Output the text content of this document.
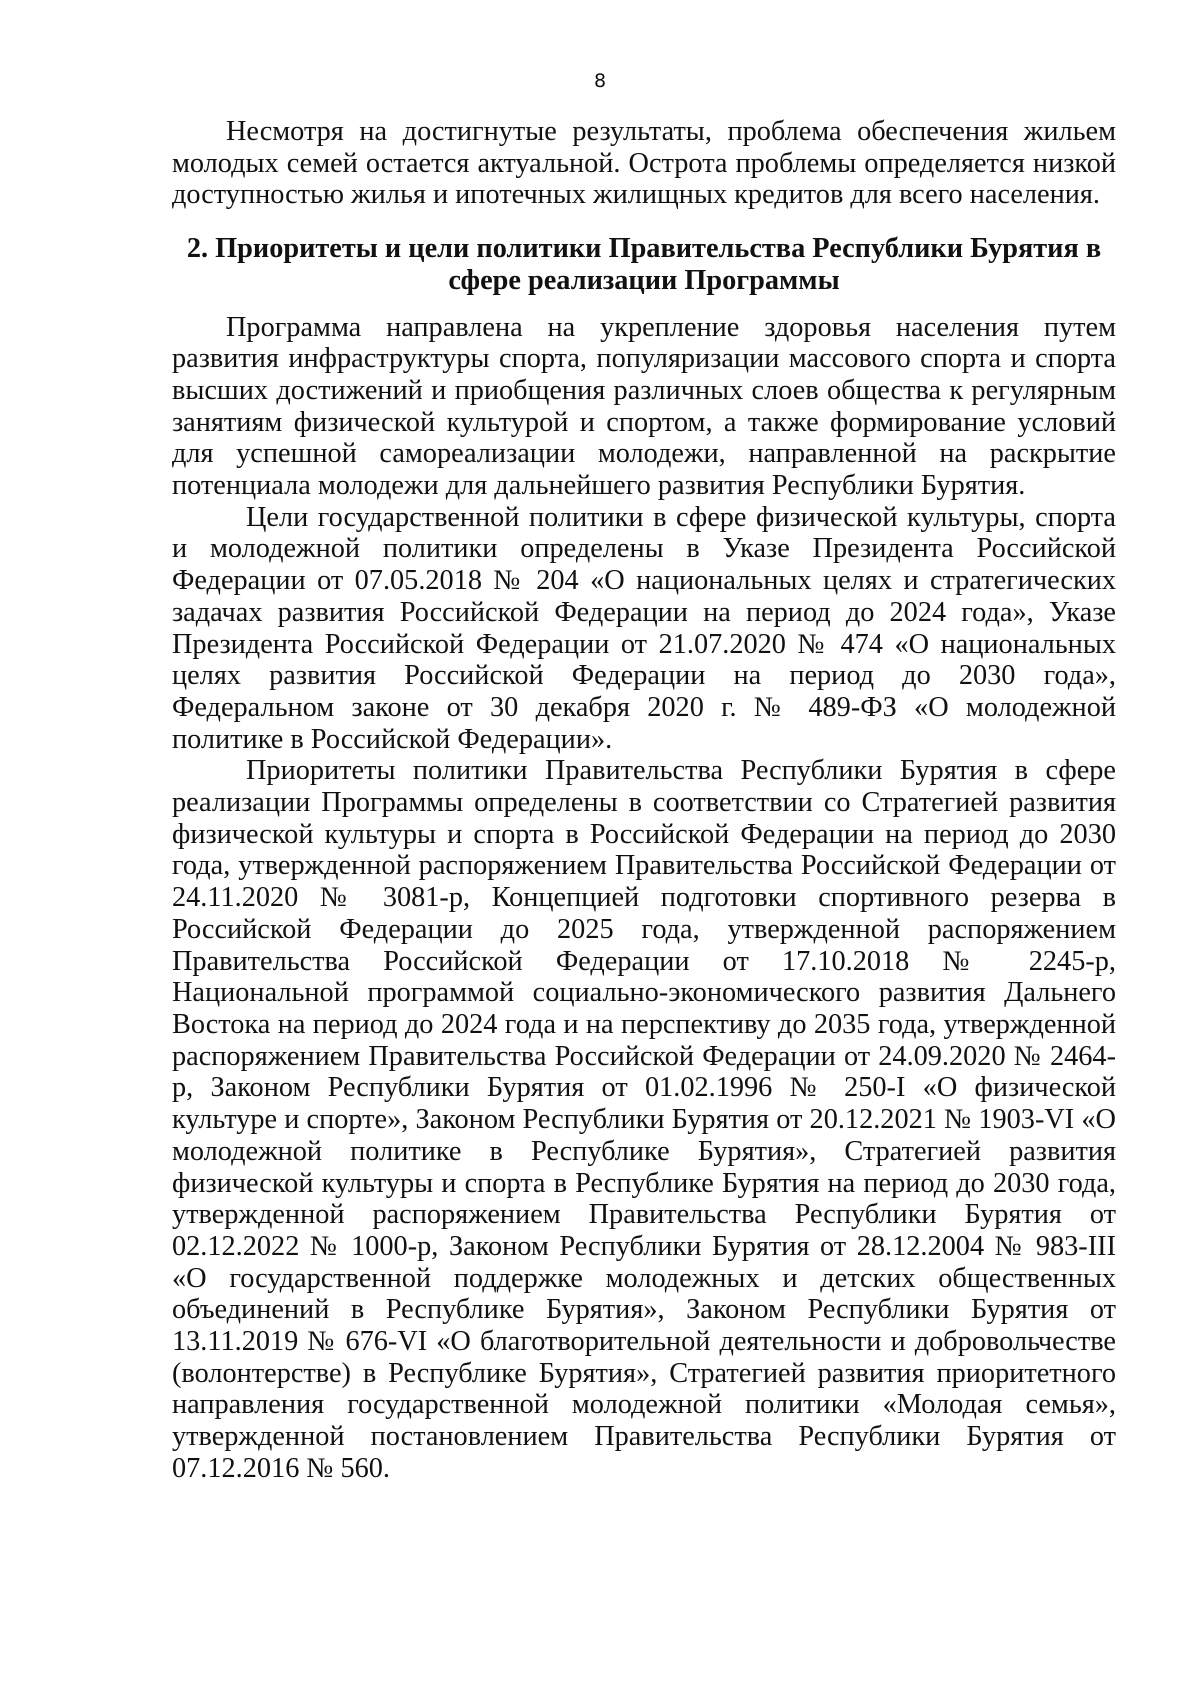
8

Несмотря на достигнутые результаты, проблема обеспечения жильем молодых семей остается актуальной. Острота проблемы определяется низкой доступностью жилья и ипотечных жилищных кредитов для всего населения.

2. Приоритеты и цели политики Правительства Республики Бурятия в сфере реализации Программы

Программа направлена на укрепление здоровья населения путем развития инфраструктуры спорта, популяризации массового спорта и спорта высших достижений и приобщения различных слоев общества к регулярным занятиям физической культурой и спортом, а также формирование условий для успешной самореализации молодежи, направленной на раскрытие потенциала молодежи для дальнейшего развития Республики Бурятия.

Цели государственной политики в сфере физической культуры, спорта и молодежной политики определены в Указе Президента Российской Федерации от 07.05.2018 № 204 «О национальных целях и стратегических задачах развития Российской Федерации на период до 2024 года», Указе Президента Российской Федерации от 21.07.2020 № 474 «О национальных целях развития Российской Федерации на период до 2030 года», Федеральном законе от 30 декабря 2020 г. № 489-ФЗ «О молодежной политике в Российской Федерации».

Приоритеты политики Правительства Республики Бурятия в сфере реализации Программы определены в соответствии со Стратегией развития физической культуры и спорта в Российской Федерации на период до 2030 года, утвержденной распоряжением Правительства Российской Федерации от 24.11.2020 № 3081-р, Концепцией подготовки спортивного резерва в Российской Федерации до 2025 года, утвержденной распоряжением Правительства Российской Федерации от 17.10.2018 № 2245-р, Национальной программой социально-экономического развития Дальнего Востока на период до 2024 года и на перспективу до 2035 года, утвержденной распоряжением Правительства Российской Федерации от 24.09.2020 № 2464-р, Законом Республики Бурятия от 01.02.1996 № 250-I «О физической культуре и спорте», Законом Республики Бурятия от 20.12.2021 № 1903-VI «О молодежной политике в Республике Бурятия», Стратегией развития физической культуры и спорта в Республике Бурятия на период до 2030 года, утвержденной распоряжением Правительства Республики Бурятия от 02.12.2022 № 1000-р, Законом Республики Бурятия от 28.12.2004 № 983-III «О государственной поддержке молодежных и детских общественных объединений в Республике Бурятия», Законом Республики Бурятия от 13.11.2019 № 676-VI «О благотворительной деятельности и добровольчестве (волонтерстве) в Республике Бурятия», Стратегией развития приоритетного направления государственной молодежной политики «Молодая семья», утвержденной постановлением Правительства Республики Бурятия от 07.12.2016 № 560.
